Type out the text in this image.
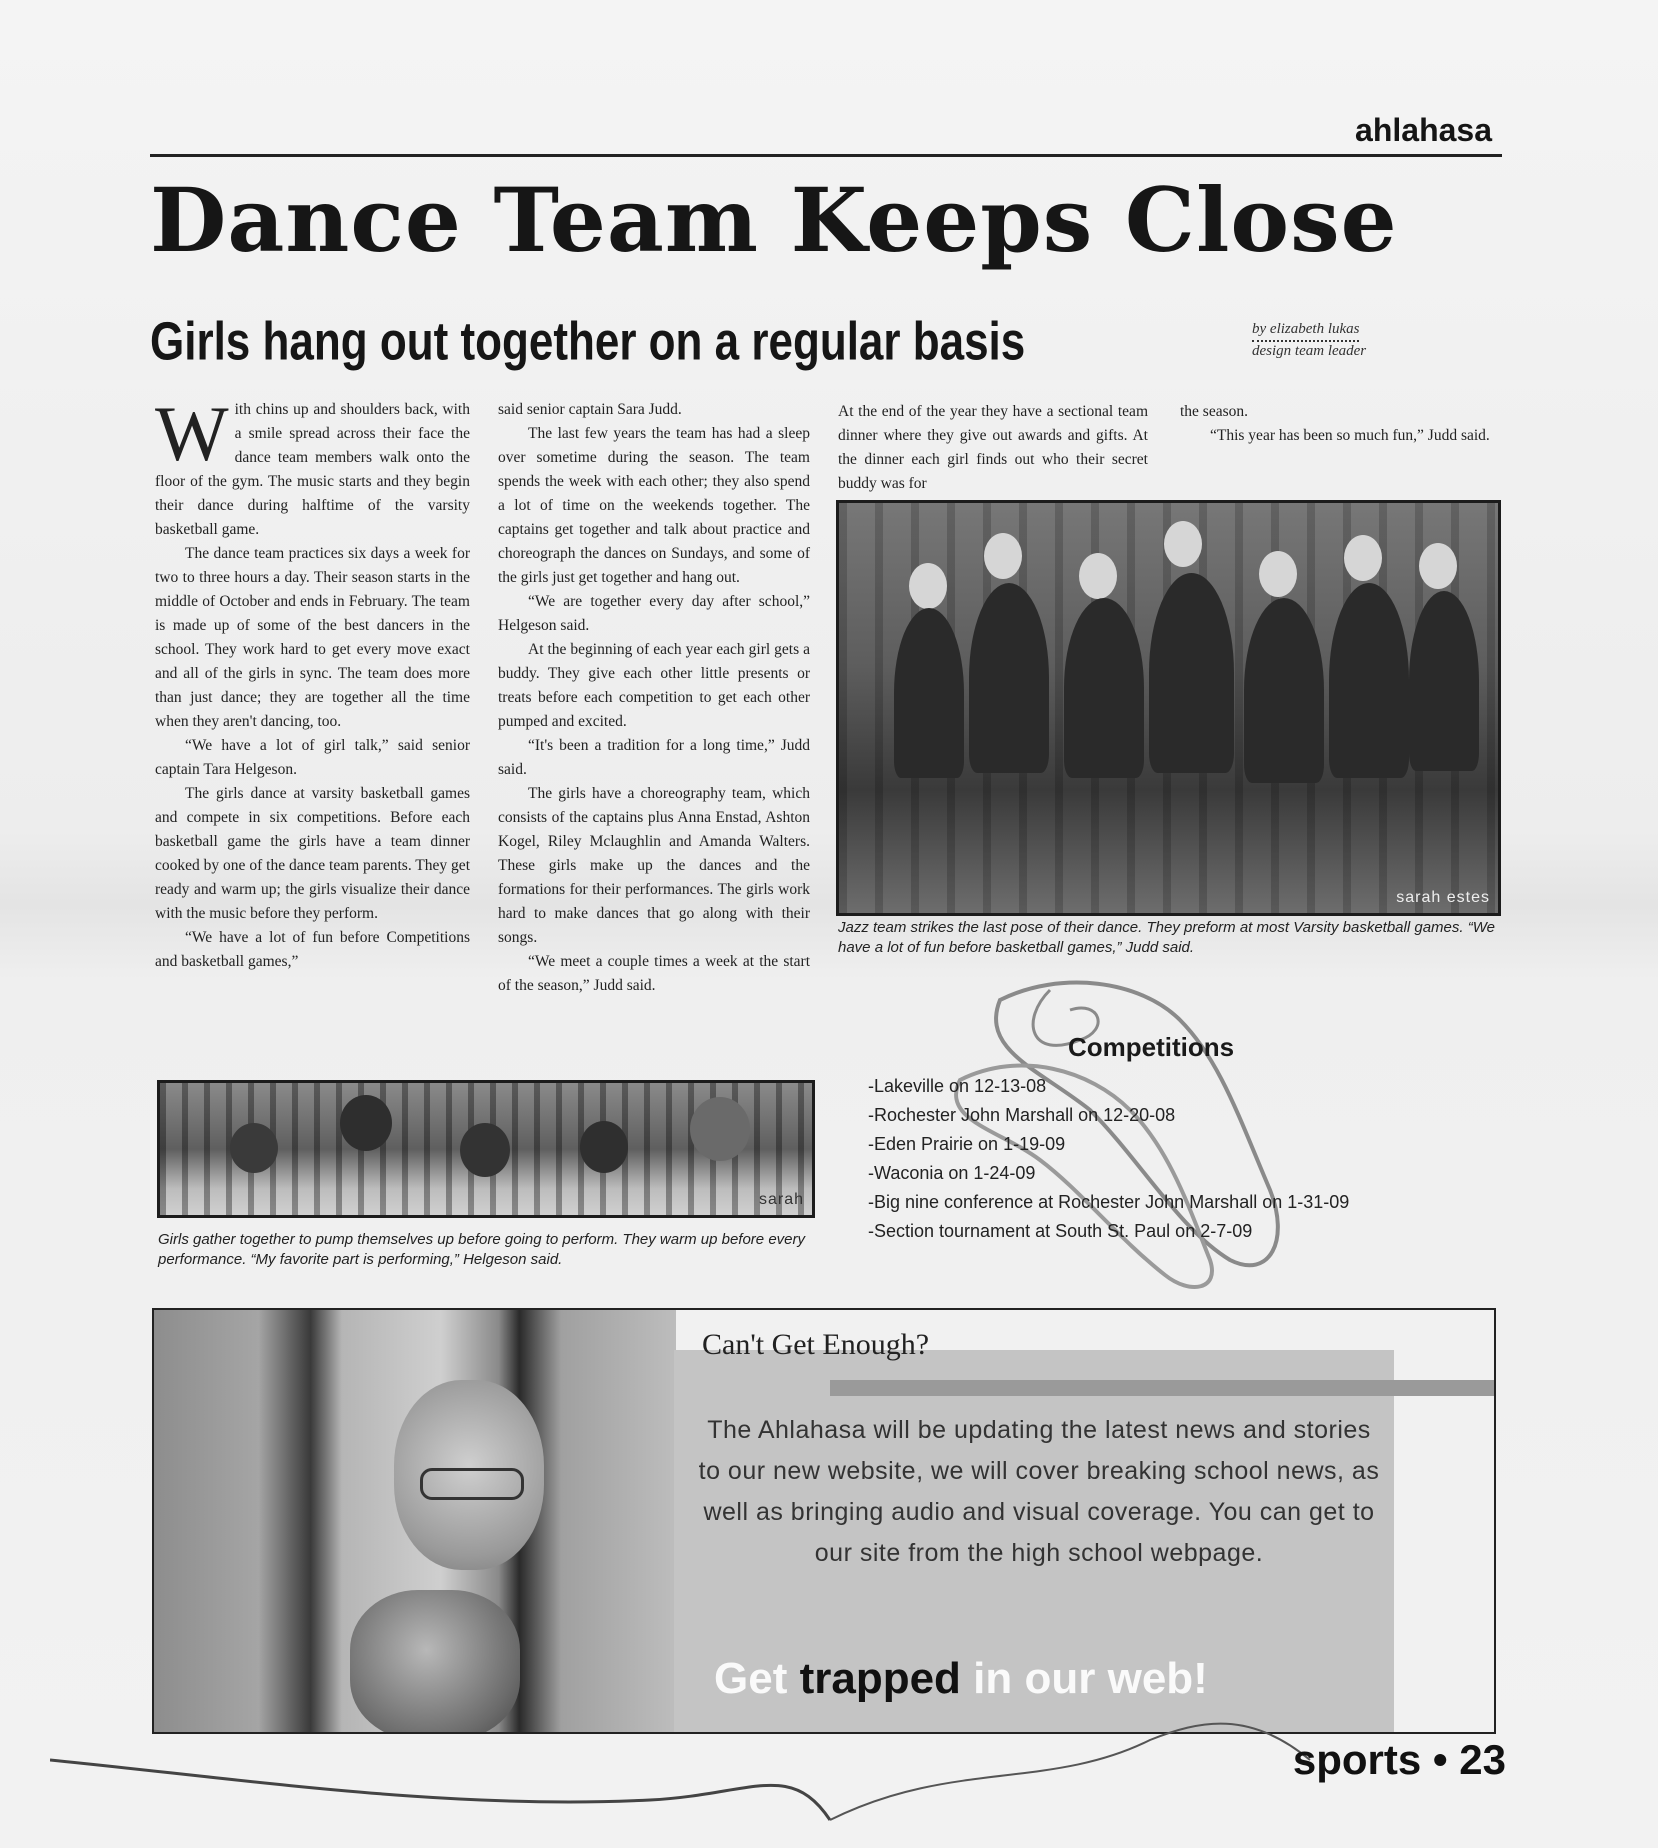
ahlahasa
Dance Team Keeps Close
Girls hang out together on a regular basis	by elizabeth lukas
design team leader

With chins up and shoulders back, with a smile spread across their face the dance team members walk onto the floor of the gym. The music starts and they begin their dance during halftime of the varsity basketball game.

The dance team practices six days a week for two to three hours a day. Their season starts in the middle of October and ends in February. The team is made up of some of the best dancers in the school. They work hard to get every move exact and all of the girls in sync. The team does more than just dance; they are together all the time when they aren't dancing, too.

“We have a lot of girl talk,” said senior captain Tara Helgeson.

The girls dance at varsity basketball games and compete in six competitions. Before each basketball game the girls have a team dinner cooked by one of the dance team parents. They get ready and warm up; the girls visualize their dance with the music before they perform.

“We have a lot of fun before Competitions and basketball games,”

said senior captain Sara Judd.

The last few years the team has had a sleep over sometime during the season. The team spends the week with each other; they also spend a lot of time on the weekends together. The captains get together and talk about practice and choreograph the dances on Sundays, and some of the girls just get together and hang out.

“We are together every day after school,” Helgeson said.

At the beginning of each year each girl gets a buddy. They give each other little presents or treats before each competition to get each other pumped and excited.

“It's been a tradition for a long time,” Judd said.

The girls have a choreography team, which consists of the captains plus Anna Enstad, Ashton Kogel, Riley Mclaughlin and Amanda Walters. These girls make up the dances and the formations for their performances. The girls work hard to make dances that go along with their songs.

“We meet a couple times a week at the start of the season,” Judd said.

At the end of the year they have a sectional team dinner where they give out awards and gifts. At the dinner each girl finds out who their secret buddy was for

the season.

“This year has been so much fun,” Judd said.

sarah estes
Jazz team strikes the last pose of their dance. They preform at most Varsity basketball games. “We have a lot of fun before basketball games,” Judd said.
Competitions
-Lakeville on 12-13-08
-Rochester John Marshall on 12-20-08
-Eden Prairie on 1-19-09
-Waconia on 1-24-09
-Big nine conference at Rochester John Marshall on 1-31-09
-Section tournament at South St. Paul on 2-7-09
sarah
Girls gather together to pump themselves up before going to perform. They warm up before every performance. “My favorite part is performing,” Helgeson said.
Can't Get Enough?
The Ahlahasa will be updating the latest news and stories to our new website, we will cover breaking school news, as well as bringing audio and visual coverage. You can get to our site from the high school webpage.
Get trapped in our web!
sports • 23
